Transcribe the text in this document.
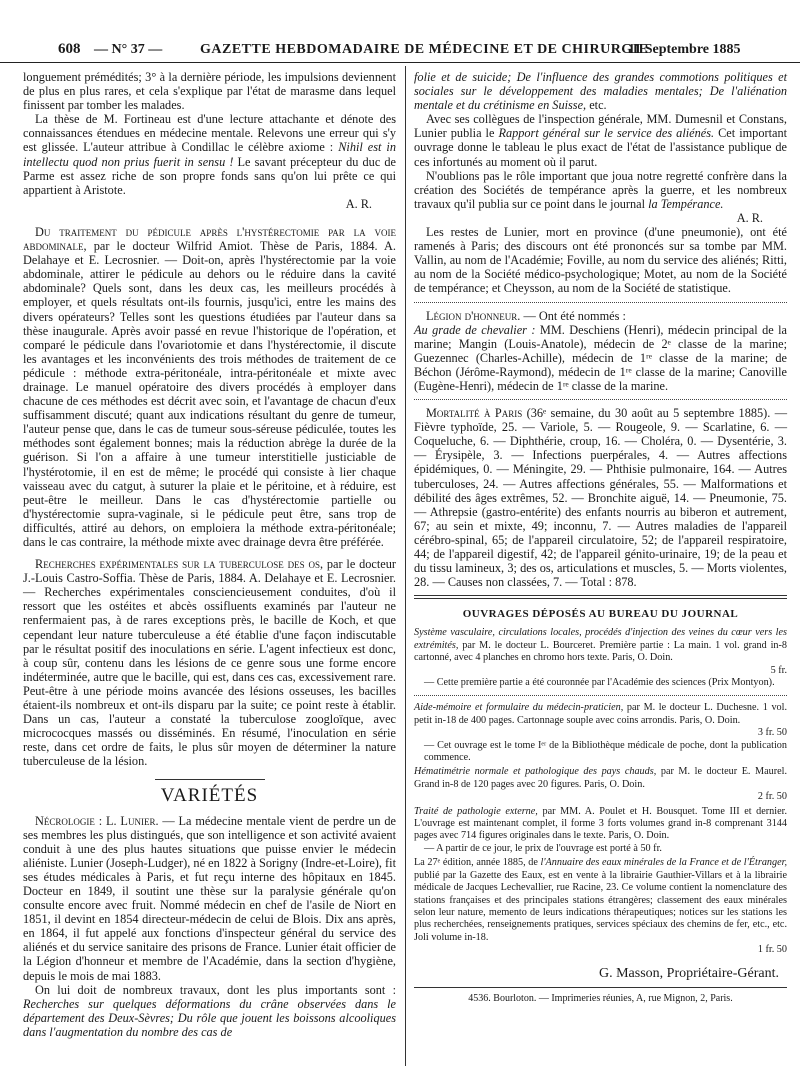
608 — N° 37 —	GAZETTE HEBDOMADAIRE DE MÉDECINE ET DE CHIRURGIE
11 Septembre 1885

longuement prémédités; 3° à la dernière période, les impulsions deviennent de plus en plus rares, et cela s'explique par l'état de marasme dans lequel finissent par tomber les malades.

La thèse de M. Fortineau est d'une lecture attachante et dénote des connaissances étendues en médecine mentale. Relevons une erreur qui s'y est glissée. L'auteur attribue à Condillac le célèbre axiome : Nihil est in intellectu quod non prius fuerit in sensu ! Le savant précepteur du duc de Parme est assez riche de son propre fonds sans qu'on lui prête ce qui appartient à Aristote.

A. R.

Du traitement du pédicule après l'hystérectomie par la voie abdominale, par le docteur Wilfrid Amiot. Thèse de Paris, 1884. A. Delahaye et E. Lecrosnier. — Doit-on, après l'hystérectomie par la voie abdominale, attirer le pédicule au dehors ou le réduire dans la cavité abdominale? Quels sont, dans les deux cas, les meilleurs procédés à employer, et quels résultats ont-ils fournis, jusqu'ici, entre les mains des divers opérateurs? Telles sont les questions étudiées par l'auteur dans sa thèse inaugurale. Après avoir passé en revue l'historique de l'opération, et comparé le pédicule dans l'ovariotomie et dans l'hystérectomie, il discute les avantages et les inconvénients des trois méthodes de traitement de ce pédicule : méthode extra-péritonéale, intra-péritonéale et mixte avec drainage. Le manuel opératoire des divers procédés à employer dans chacune de ces méthodes est décrit avec soin, et l'avantage de chacun d'eux suffisamment discuté; quant aux indications résultant du genre de tumeur, l'auteur pense que, dans le cas de tumeur sous-séreuse pédiculée, toutes les méthodes sont également bonnes; mais la réduction abrège la durée de la guérison. Si l'on a affaire à une tumeur interstitielle justiciable de l'hystérotomie, il en est de même; le procédé qui consiste à lier chaque vaisseau avec du catgut, à suturer la plaie et le péritoine, et à réduire, est peut-être le meilleur. Dans le cas d'hystérectomie partielle ou d'hystérectomie supra-vaginale, si le pédicule peut être, sans trop de difficultés, attiré au dehors, on emploiera la méthode extra-péritonéale; dans le cas contraire, la méthode mixte avec drainage devra être préférée.

Recherches expérimentales sur la tuberculose des os, par le docteur J.-Louis Castro-Soffia. Thèse de Paris, 1884. A. Delahaye et E. Lecrosnier. — Recherches expérimentales consciencieusement conduites, d'où il ressort que les ostéites et abcès ossifluents examinés par l'auteur ne renfermaient pas, à de rares exceptions près, le bacille de Koch, et que cependant leur nature tuberculeuse a été établie d'une façon indiscutable par le résultat positif des inoculations en série. L'agent infectieux est donc, à coup sûr, contenu dans les lésions de ce genre sous une forme encore indéterminée, autre que le bacille, qui est, dans ces cas, excessivement rare. Peut-être à une période moins avancée des lésions osseuses, les bacilles étaient-ils nombreux et ont-ils disparu par la suite; ce point reste à établir. Dans un cas, l'auteur a constaté la tuberculose zoogloïque, avec micrococques massés ou disséminés. En résumé, l'inoculation en série reste, dans cet ordre de faits, le plus sûr moyen de déterminer la nature tuberculeuse de la lésion.

VARIÉTÉS

Nécrologie : L. Lunier. — La médecine mentale vient de perdre un de ses membres les plus distingués, que son intelligence et son activité avaient conduit à une des plus hautes situations que puisse envier le médecin aliéniste. Lunier (Joseph-Ludger), né en 1822 à Sorigny (Indre-et-Loire), fit ses études médicales à Paris, et fut reçu interne des hôpitaux en 1845. Docteur en 1849, il soutint une thèse sur la paralysie générale qu'on consulte encore avec fruit. Nommé médecin en chef de l'asile de Niort en 1851, il devint en 1854 directeur-médecin de celui de Blois. Dix ans après, en 1864, il fut appelé aux fonctions d'inspecteur général du service des aliénés et du service sanitaire des prisons de France. Lunier était officier de la Légion d'honneur et membre de l'Académie, dans la section d'hygiène, depuis le mois de mai 1883.

On lui doit de nombreux travaux, dont les plus importants sont : Recherches sur quelques déformations du crâne observées dans le département des Deux-Sèvres; Du rôle que jouent les boissons alcooliques dans l'augmentation du nombre des cas de

folie et de suicide; De l'influence des grandes commotions politiques et sociales sur le développement des maladies mentales; De l'aliénation mentale et du crétinisme en Suisse, etc.

Avec ses collègues de l'inspection générale, MM. Dumesnil et Constans, Lunier publia le Rapport général sur le service des aliénés. Cet important ouvrage donne le tableau le plus exact de l'état de l'assistance publique de ces infortunés au moment où il parut.

N'oublions pas le rôle important que joua notre regretté confrère dans la création des Sociétés de tempérance après la guerre, et les nombreux travaux qu'il publia sur ce point dans le journal la Tempérance.

A. R.

Les restes de Lunier, mort en province (d'une pneumonie), ont été ramenés à Paris; des discours ont été prononcés sur sa tombe par MM. Vallin, au nom de l'Académie; Foville, au nom du service des aliénés; Ritti, au nom de la Société médico-psychologique; Motet, au nom de la Société de tempérance; et Cheysson, au nom de la Société de statistique.

Légion d'honneur. — Ont été nommés :
Au grade de chevalier : MM. Deschiens (Henri), médecin principal de la marine; Mangin (Louis-Anatole), médecin de 2ᵉ classe de la marine; Guezennec (Charles-Achille), médecin de 1ʳᵉ classe de la marine; de Béchon (Jérôme-Raymond), médecin de 1ʳᵉ classe de la marine; Canoville (Eugène-Henri), médecin de 1ʳᵉ classe de la marine.

Mortalité à Paris (36ᵉ semaine, du 30 août au 5 septembre 1885). — Fièvre typhoïde, 25. — Variole, 5. — Rougeole, 9. — Scarlatine, 6. — Coqueluche, 6. — Diphthérie, croup, 16. — Choléra, 0. — Dysentérie, 3. — Érysipèle, 3. — Infections puerpérales, 4. — Autres affections épidémiques, 0. — Méningite, 29. — Phthisie pulmonaire, 164. — Autres tuberculoses, 24. — Autres affections générales, 55. — Malformations et débilité des âges extrêmes, 52. — Bronchite aiguë, 14. — Pneumonie, 75. — Athrepsie (gastro-entérite) des enfants nourris au biberon et autrement, 67; au sein et mixte, 49; inconnu, 7. — Autres maladies de l'appareil cérébro-spinal, 65; de l'appareil circulatoire, 52; de l'appareil respiratoire, 44; de l'appareil digestif, 42; de l'appareil génito-urinaire, 19; de la peau et du tissu lamineux, 3; des os, articulations et muscles, 5. — Morts violentes, 28. — Causes non classées, 7. — Total : 878.

OUVRAGES DÉPOSÉS AU BUREAU DU JOURNAL
Système vasculaire, circulations locales, procédés d'injection des veines du cœur vers les extrémités, par M. le docteur L. Bourceret. Première partie : La main. 1 vol. grand in-8 cartonné, avec 4 planches en chromo hors texte. Paris, O. Doin.
5 fr.
— Cette première partie a été couronnée par l'Académie des sciences (Prix Montyon).
Aide-mémoire et formulaire du médecin-praticien, par M. le docteur L. Duchesne. 1 vol. petit in-18 de 400 pages. Cartonnage souple avec coins arrondis. Paris, O. Doin.
3 fr. 50
— Cet ouvrage est le tome Iᵉʳ de la Bibliothèque médicale de poche, dont la publication commence.
Hématimétrie normale et pathologique des pays chauds, par M. le docteur E. Maurel. Grand in-8 de 120 pages avec 20 figures. Paris, O. Doin.
2 fr. 50
Traité de pathologie externe, par MM. A. Poulet et H. Bousquet. Tome III et dernier. L'ouvrage est maintenant complet, il forme 3 forts volumes grand in-8 comprenant 3144 pages avec 714 figures originales dans le texte. Paris, O. Doin.
— A partir de ce jour, le prix de l'ouvrage est porté à 50 fr.
La 27ᵉ édition, année 1885, de l'Annuaire des eaux minérales de la France et de l'Étranger, publié par la Gazette des Eaux, est en vente à la librairie Gauthier-Villars et à la librairie médicale de Jacques Lechevallier, rue Racine, 23. Ce volume contient la nomenclature des stations françaises et des principales stations étrangères; classement des eaux minérales selon leur nature, memento de leurs indications thérapeutiques; notices sur les stations les plus recherchées, renseignements pratiques, services spéciaux des chemins de fer, etc., etc. Joli volume in-18.
1 fr. 50
G. Masson, Propriétaire-Gérant.
4536. Bourloton. — Imprimeries réunies, A, rue Mignon, 2, Paris.
